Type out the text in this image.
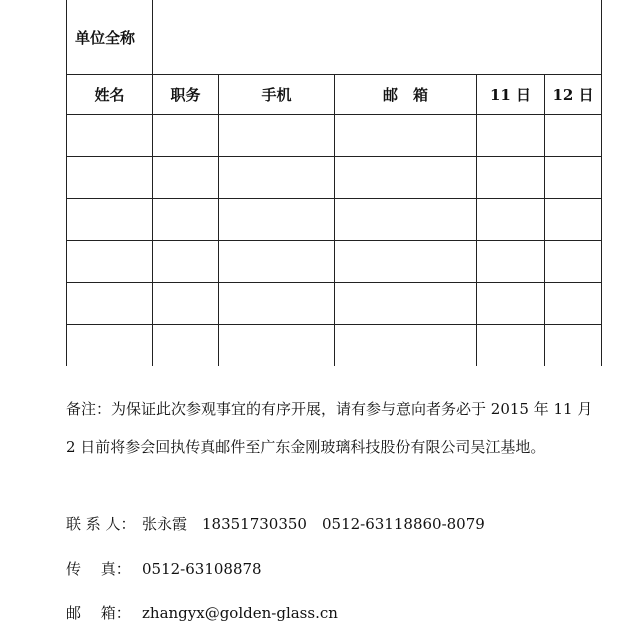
单位全称					
姓名	职务	手机	邮　箱	11 日	12 日

备注：为保证此次参观事宜的有序开展，请有参与意向者务必于 2015 年 11 月 2 日前将参会回执传真邮件至广东金刚玻璃科技股份有限公司吴江基地。

联 系 人： 张永霞　18351730350　0512-63118860-8079
传　 真： 0512-63108878
邮　 箱： zhangyx@golden-glass.cn
